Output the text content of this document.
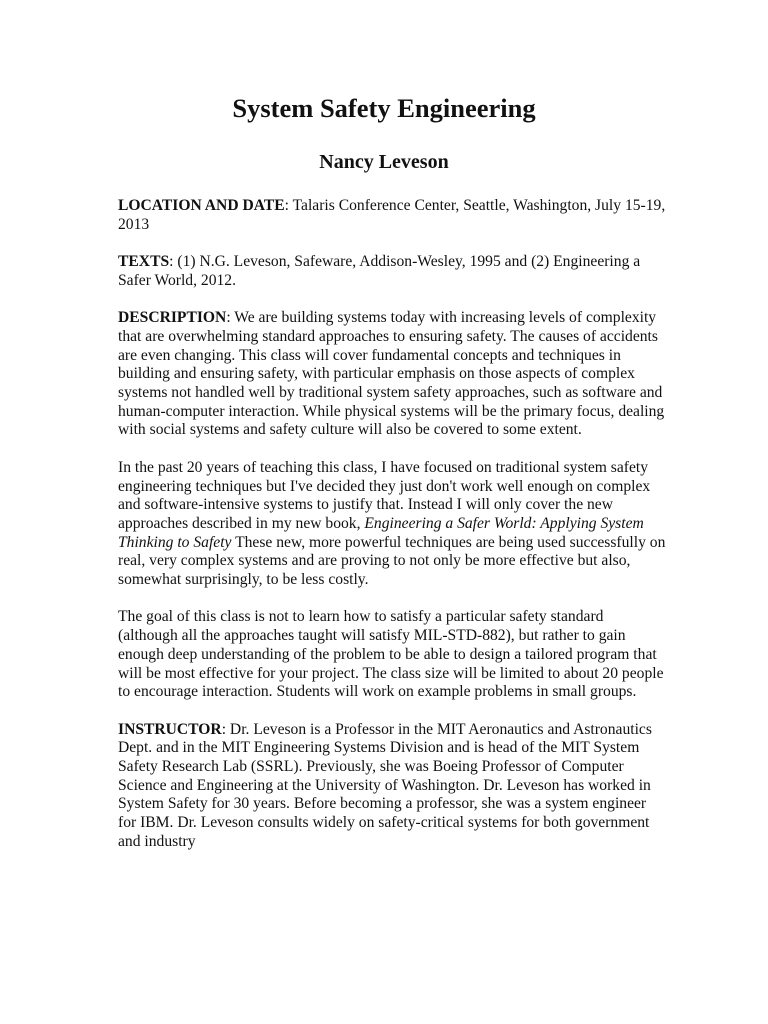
System Safety Engineering
Nancy Leveson

LOCATION AND DATE: Talaris Conference Center, Seattle, Washington, July 15-19, 2013

TEXTS: (1) N.G. Leveson, Safeware, Addison-Wesley, 1995 and (2) Engineering a Safer World, 2012.

DESCRIPTION: We are building systems today with increasing levels of complexity that are overwhelming standard approaches to ensuring safety. The causes of accidents are even changing. This class will cover fundamental concepts and techniques in building and ensuring safety, with particular emphasis on those aspects of complex systems not handled well by traditional system safety approaches, such as software and human-computer interaction. While physical systems will be the primary focus, dealing with social systems and safety culture will also be covered to some extent.

In the past 20 years of teaching this class, I have focused on traditional system safety engineering techniques but I've decided they just don't work well enough on complex and software-intensive systems to justify that. Instead I will only cover the new approaches described in my new book, Engineering a Safer World: Applying System Thinking to Safety These new, more powerful techniques are being used successfully on real, very complex systems and are proving to not only be more effective but also, somewhat surprisingly, to be less costly.

The goal of this class is not to learn how to satisfy a particular safety standard (although all the approaches taught will satisfy MIL-STD-882), but rather to gain enough deep understanding of the problem to be able to design a tailored program that will be most effective for your project. The class size will be limited to about 20 people to encourage interaction. Students will work on example problems in small groups.

INSTRUCTOR: Dr. Leveson is a Professor in the MIT Aeronautics and Astronautics Dept. and in the MIT Engineering Systems Division and is head of the MIT System Safety Research Lab (SSRL). Previously, she was Boeing Professor of Computer Science and Engineering at the University of Washington. Dr. Leveson has worked in System Safety for 30 years. Before becoming a professor, she was a system engineer for IBM. Dr. Leveson consults widely on safety-critical systems for both government and industry
